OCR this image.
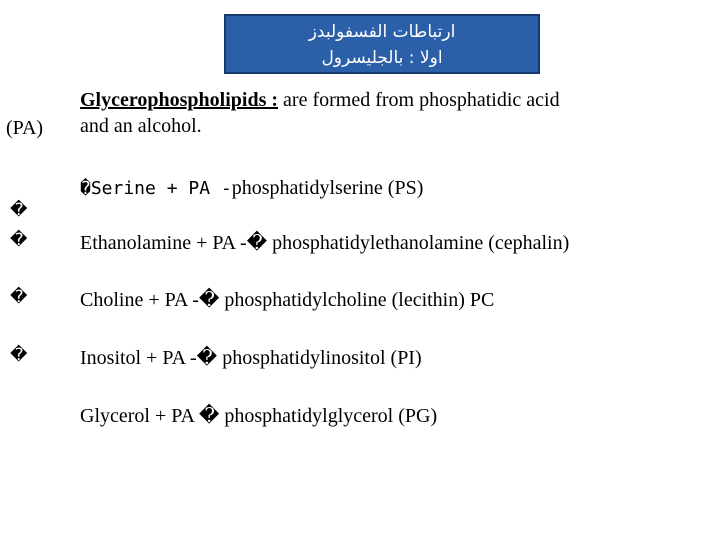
ارتباطات الفسفولبدز
اولا : بالجليسرول
(PA)
Glycerophospholipids : are formed from phosphatidic acid
and an alcohol.
�Serine + PA -phosphatidylserine (PS)
�
�
�
�
Ethanolamine + PA -� phosphatidylethanolamine (cephalin)
Choline + PA -� phosphatidylcholine (lecithin) PC
Inositol + PA -� phosphatidylinositol (PI)
Glycerol + PA � phosphatidylglycerol (PG)
